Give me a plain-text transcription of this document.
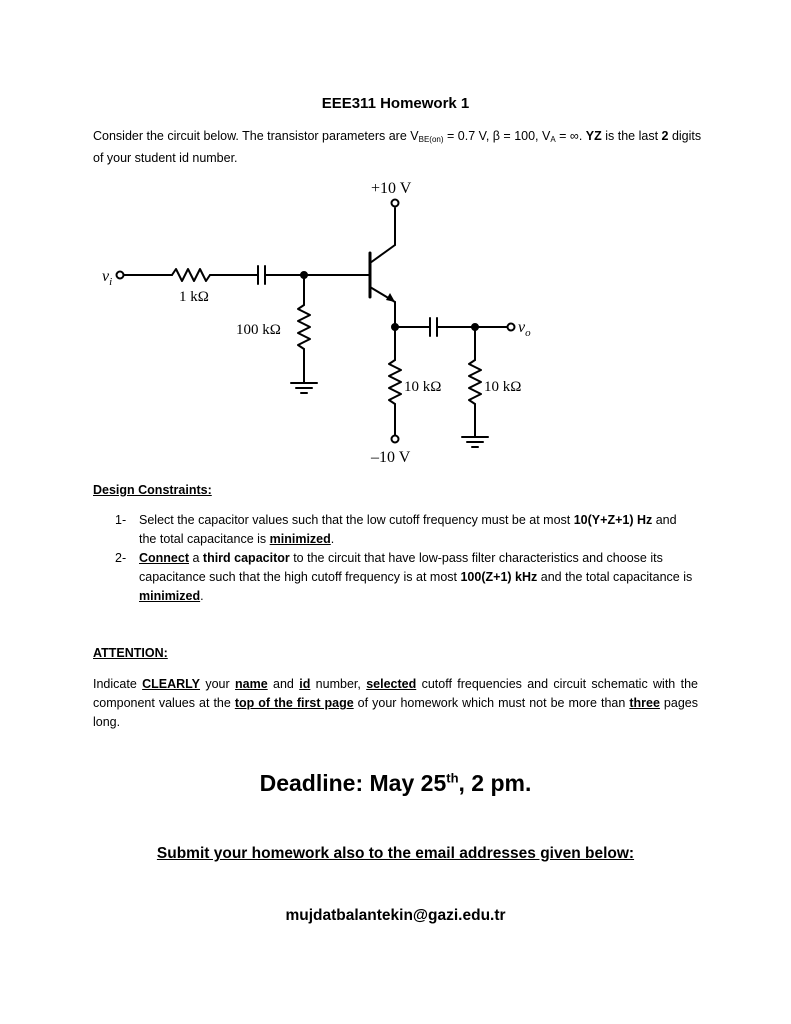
EEE311 Homework 1
Consider the circuit below. The transistor parameters are $V_{BE(on)} = 0.7$ V, β = 100, $V_A$ = ∞. YZ is the last 2 digits of your student id number.
+10 V
–10 V
$v_i$
$v_o$
1 kΩ
100 kΩ
10 kΩ	10 kΩ
Design Constraints:
1- Select the capacitor values such that the low cutoff frequency must be at most 10(Y+Z+1) Hz and the total capacitance is minimized.
2- Connect a third capacitor to the circuit that have low-pass filter characteristics and choose its capacitance such that the high cutoff frequency is at most 100(Z+1) kHz and the total capacitance is minimized.
ATTENTION:
Indicate CLEARLY your name and id number, selected cutoff frequencies and circuit schematic with the component values at the top of the first page of your homework which must not be more than three pages long.
Deadline: May 25th, 2 pm.
Submit your homework also to the email addresses given below:
mujdatbalantekin@gazi.edu.tr
